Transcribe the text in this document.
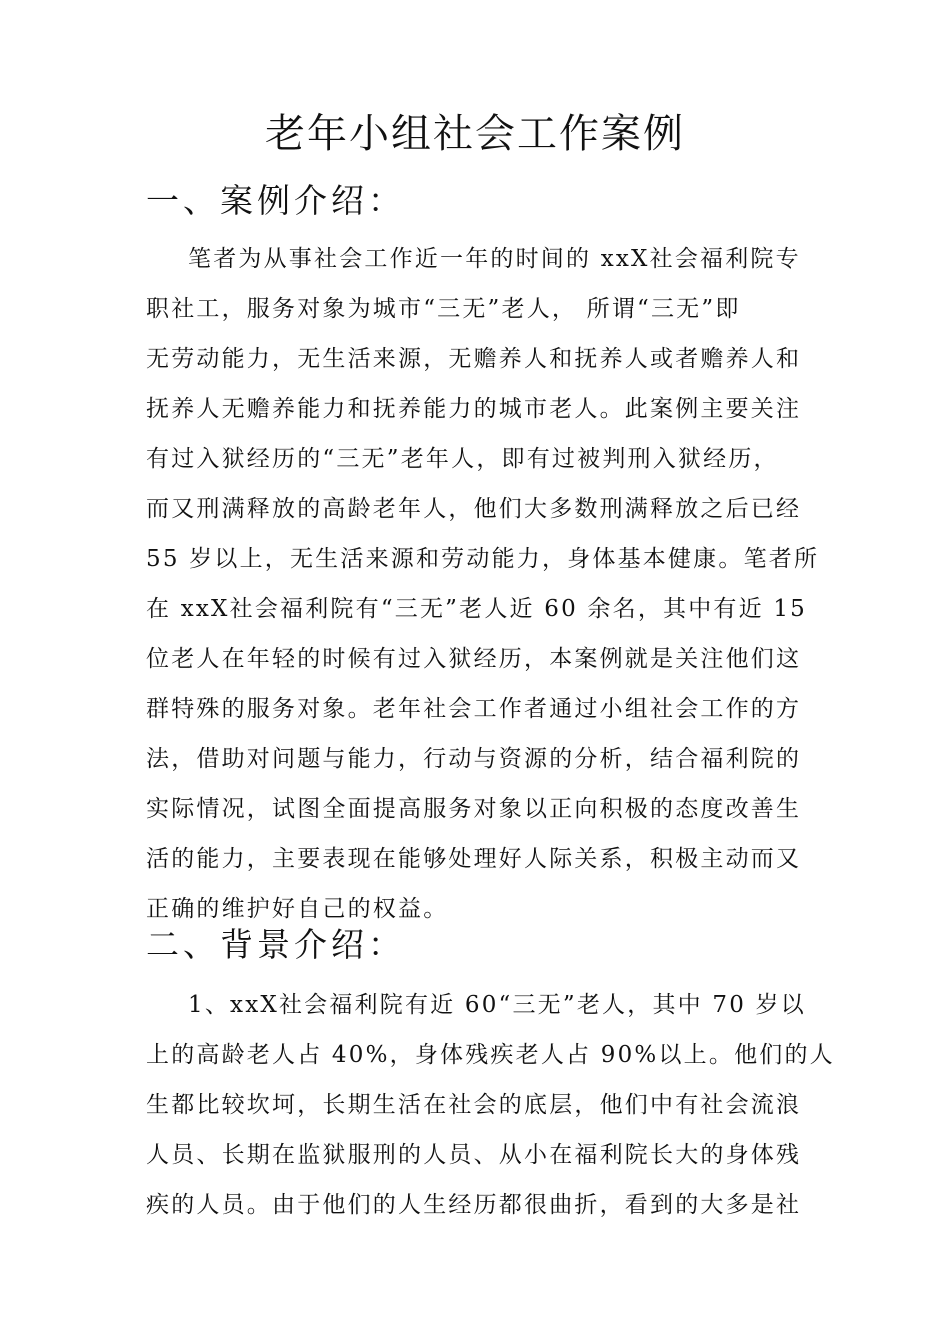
老年小组社会工作案例
一、案例介绍：
笔者为从事社会工作近一年的时间的 xxX社会福利院专
职社工，服务对象为城市“三无”老人， 所谓“三无”即
无劳动能力，无生活来源，无赡养人和抚养人或者赡养人和
抚养人无赡养能力和抚养能力的城市老人。此案例主要关注
有过入狱经历的“三无”老年人，即有过被判刑入狱经历，
而又刑满释放的高龄老年人，他们大多数刑满释放之后已经
55 岁以上，无生活来源和劳动能力，身体基本健康。笔者所
在 xxX社会福利院有“三无”老人近 60 余名，其中有近 15
位老人在年轻的时候有过入狱经历，本案例就是关注他们这
群特殊的服务对象。老年社会工作者通过小组社会工作的方
法，借助对问题与能力，行动与资源的分析，结合福利院的
实际情况，试图全面提高服务对象以正向积极的态度改善生
活的能力，主要表现在能够处理好人际关系，积极主动而又
正确的维护好自己的权益。
二、背景介绍：
1、xxX社会福利院有近 60“三无”老人，其中 70 岁以
上的高龄老人占 40%，身体残疾老人占 90%以上。他们的人
生都比较坎坷，长期生活在社会的底层，他们中有社会流浪
人员、长期在监狱服刑的人员、从小在福利院长大的身体残
疾的人员。由于他们的人生经历都很曲折，看到的大多是社
